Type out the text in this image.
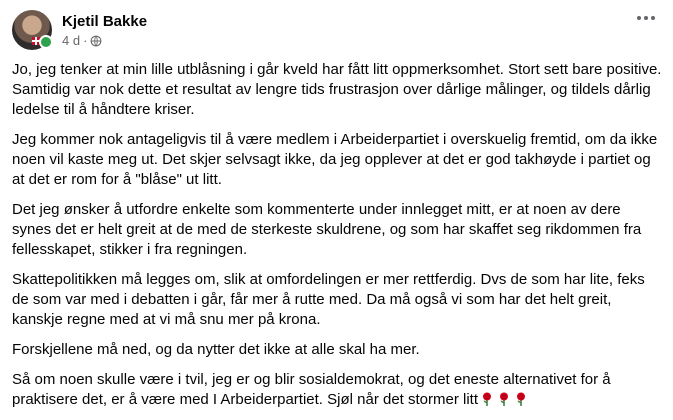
Kjetil Bakke
4 d ·

Jo, jeg tenker at min lille utblåsning i går kveld har fått litt oppmerksomhet. Stort sett bare positive. Samtidig var nok dette et resultat av lengre tids frustrasjon over dårlige målinger, og tildels dårlig ledelse til å håndtere kriser.

Jeg kommer nok antageligvis til å være medlem i Arbeiderpartiet i overskuelig fremtid, om da ikke noen vil kaste meg ut. Det skjer selvsagt ikke, da jeg opplever at det er god takhøyde i partiet og at det er rom for å "blåse" ut litt.

Det jeg ønsker å utfordre enkelte som kommenterte under innlegget mitt, er at noen av dere synes det er helt greit at de med de sterkeste skuldrene, og som har skaffet seg rikdommen fra fellesskapet, stikker i fra regningen.

Skattepolitikken må legges om, slik at omfordelingen er mer rettferdig. Dvs de som har lite, feks de som var med i debatten i går, får mer å rutte med. Da må også vi som har det helt greit, kanskje regne med at vi må snu mer på krona.

Forskjellene må ned, og da nytter det ikke at alle skal ha mer.

Så om noen skulle være i tvil, jeg er og blir sosialdemokrat, og det eneste alternativet for å praktisere det, er å være med I Arbeiderpartiet. Sjøl når det stormer litt
